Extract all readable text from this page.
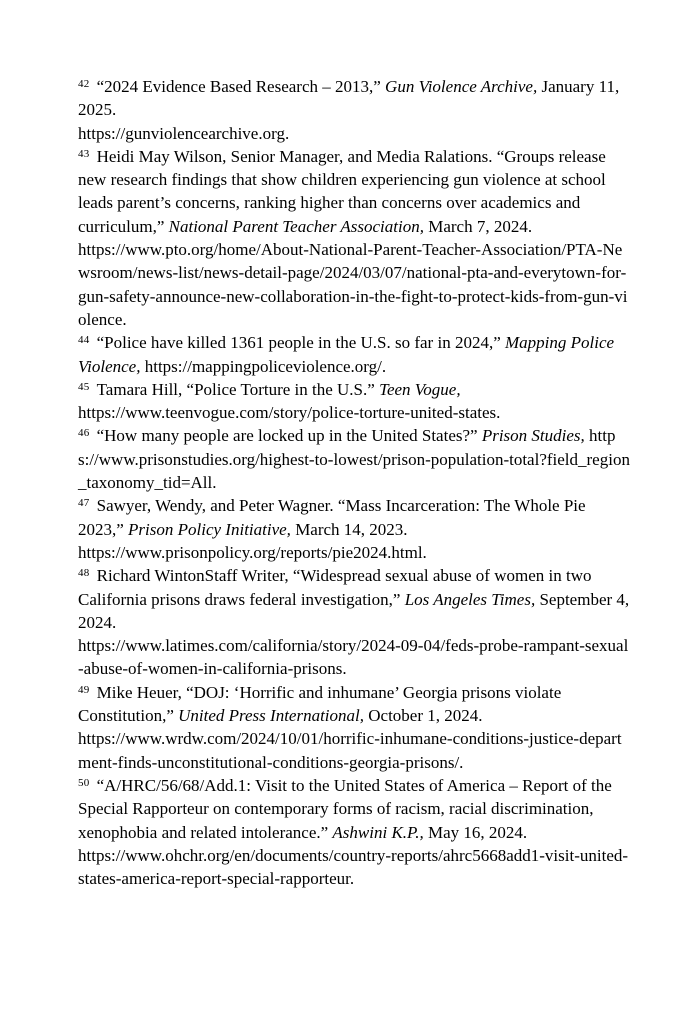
$^{42}$ “2024 Evidence Based Research – 2013,” Gun Violence Archive, January 11, 2025.
https://gunviolencearchive.org.

$^{43}$ Heidi May Wilson, Senior Manager, and Media Ralations. “Groups release new research findings that show children experiencing gun violence at school leads parent’s concerns, ranking higher than concerns over academics and curriculum,” National Parent Teacher Association, March 7, 2024.
https://www.pto.org/home/About-National-Parent-Teacher-Association/PTA-Newsroom/news-list/news-detail-page/2024/03/07/national-pta-and-everytown-for-gun-safety-announce-new-collaboration-in-the-fight-to-protect-kids-from-gun-violence.

$^{44}$ “Police have killed 1361 people in the U.S. so far in 2024,” Mapping Police Violence, https://mappingpoliceviolence.org/.

$^{45}$ Tamara Hill, “Police Torture in the U.S.” Teen Vogue,
https://www.teenvogue.com/story/police-torture-united-states.

$^{46}$ “How many people are locked up in the United States?” Prison Studies, https://www.prisonstudies.org/highest-to-lowest/prison-population-total?field_region_taxonomy_tid=All.

$^{47}$ Sawyer, Wendy, and Peter Wagner. “Mass Incarceration: The Whole Pie 2023,” Prison Policy Initiative, March 14, 2023.
https://www.prisonpolicy.org/reports/pie2024.html.

$^{48}$ Richard WintonStaff Writer, “Widespread sexual abuse of women in two California prisons draws federal investigation,” Los Angeles Times, September 4, 2024.
https://www.latimes.com/california/story/2024-09-04/feds-probe-rampant-sexual-abuse-of-women-in-california-prisons.

$^{49}$ Mike Heuer, “DOJ: ‘Horrific and inhumane’ Georgia prisons violate Constitution,” United Press International, October 1, 2024.
https://www.wrdw.com/2024/10/01/horrific-inhumane-conditions-justice-department-finds-unconstitutional-conditions-georgia-prisons/.

$^{50}$ “A/HRC/56/68/Add.1: Visit to the United States of America – Report of the Special Rapporteur on contemporary forms of racism, racial discrimination, xenophobia and related intolerance.” Ashwini K.P., May 16, 2024.
https://www.ohchr.org/en/documents/country-reports/ahrc5668add1-visit-united-states-america-report-special-rapporteur.
